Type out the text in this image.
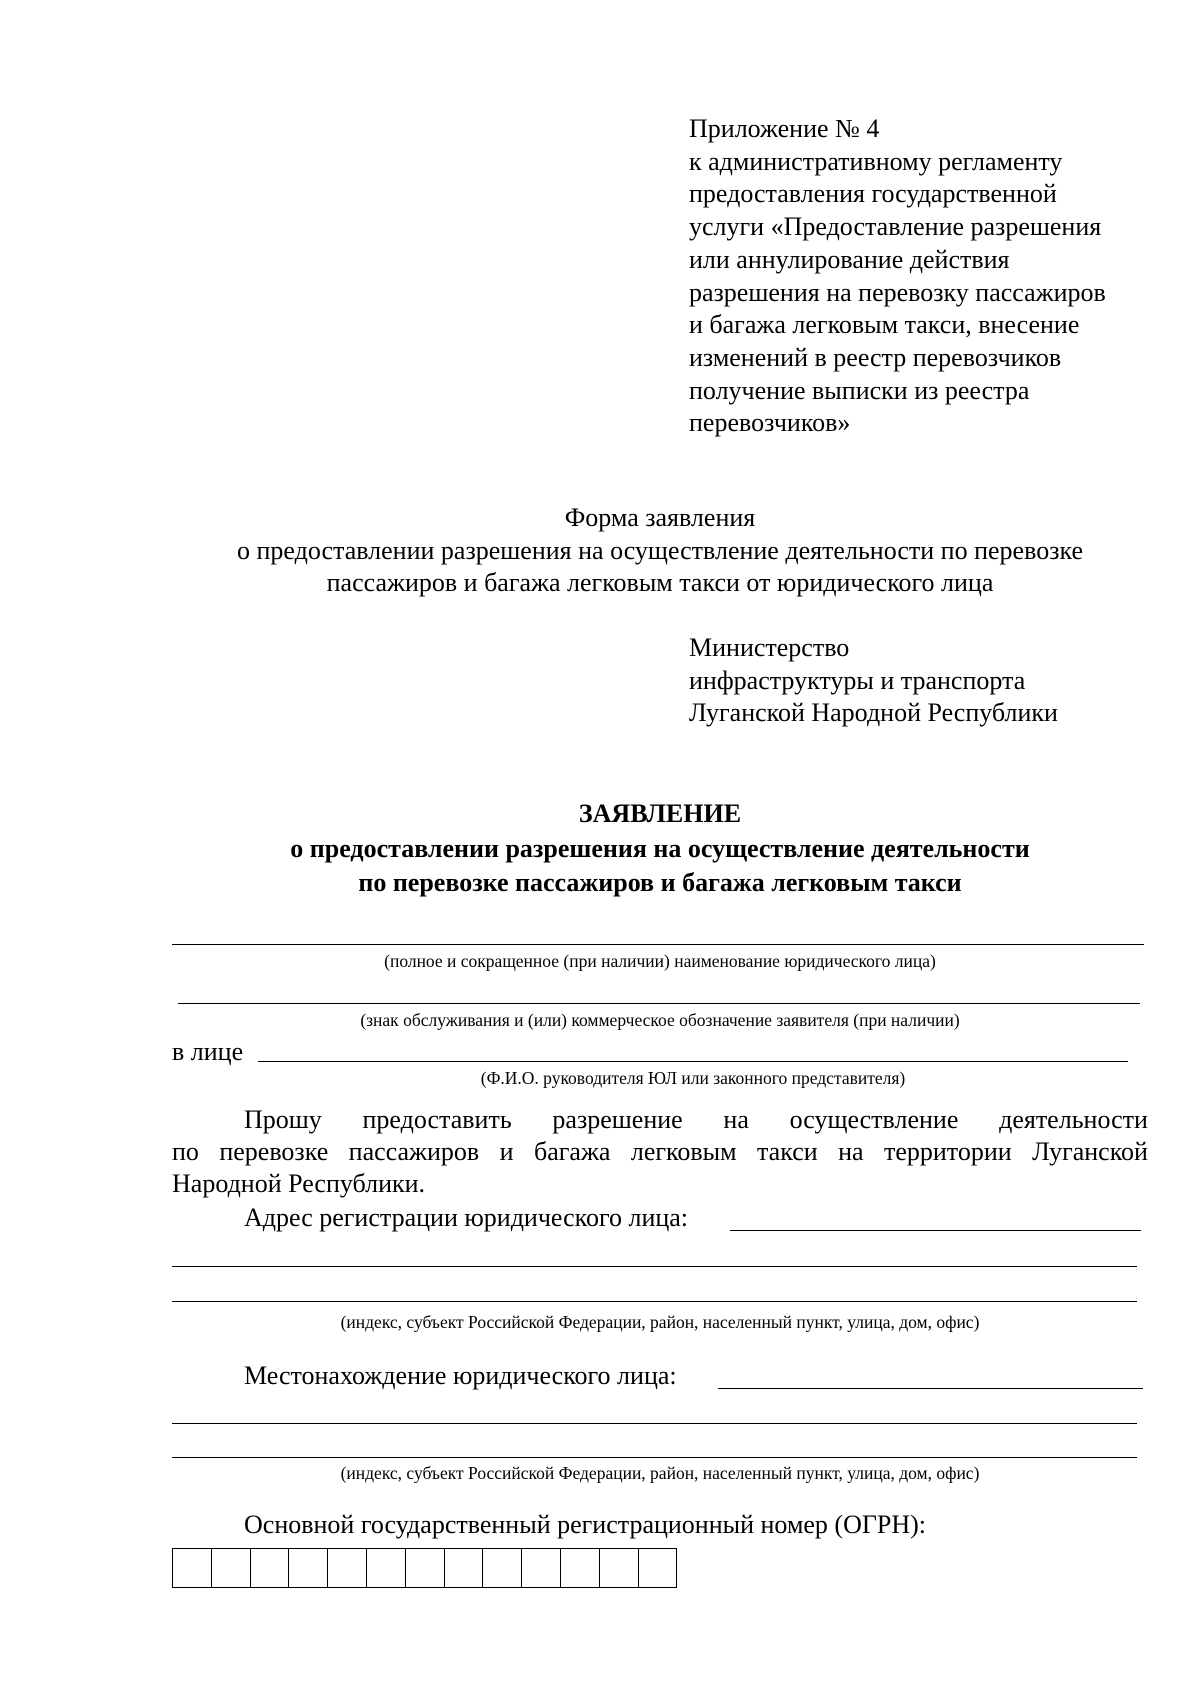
Приложение № 4
к административному регламенту
предоставления государственной
услуги «Предоставление разрешения
или аннулирование действия
разрешения на перевозку пассажиров
и багажа легковым такси, внесение
изменений в реестр перевозчиков
получение выписки из реестра
перевозчиков»
Форма заявления
о предоставлении разрешения на осуществление деятельности по перевозке
пассажиров и багажа легковым такси от юридического лица
Министерство
инфраструктуры и транспорта
Луганской Народной Республики
ЗАЯВЛЕНИЕ
о предоставлении разрешения на осуществление деятельности
по перевозке пассажиров и багажа легковым такси
(полное и сокращенное (при наличии) наименование юридического лица)
(знак обслуживания и (или) коммерческое обозначение заявителя (при наличии)
в лице
(Ф.И.О. руководителя ЮЛ или законного представителя)
Прошу предоставить разрешение на осуществление деятельности
по перевозке пассажиров и багажа легковым такси на территории Луганской
Народной Республики.
Адрес регистрации юридического лица:
(индекс, субъект Российской Федерации, район, населенный пункт, улица, дом, офис)
Местонахождение юридического лица:
(индекс, субъект Российской Федерации, район, населенный пункт, улица, дом, офис)
Основной государственный регистрационный номер (ОГРН):
